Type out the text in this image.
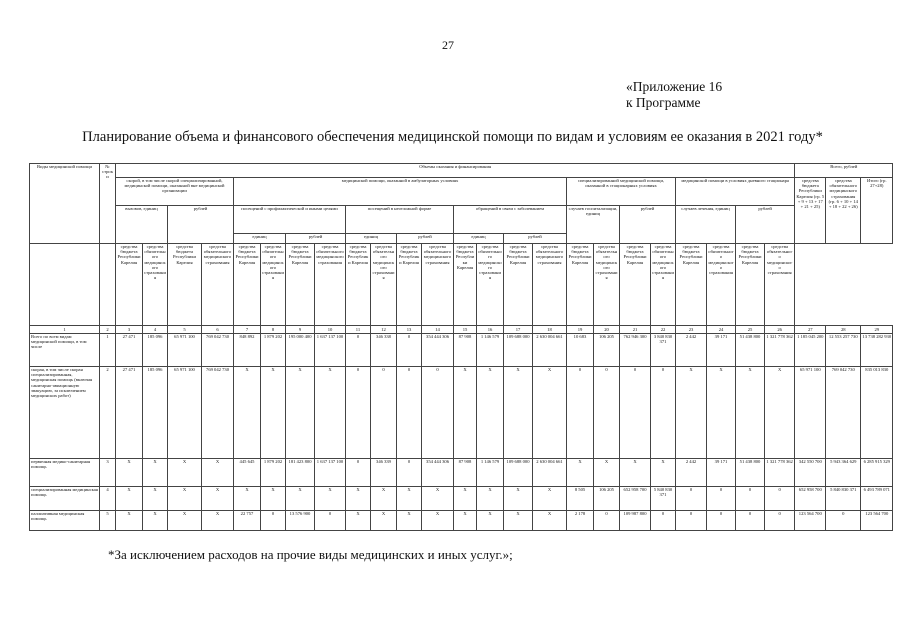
27
«Приложение 16
к Программе
Планирование объема и финансового обеспечения медицинской помощи по видам и условиям ее оказания в 2021 году*
Виды медицинской помощи	№ строки	Объемы оказания и финансирования																								Всего, рублей		
		скорой, в том числе скорой специализированной, медицинской помощи, оказанной вне медицинской организации				медицинской помощи, оказанной в амбулаторных условиях												специализированной медицинской помощи, оказанной в стационарных условиях				медицинской помощи в условиях дневного стационара				средства бюджета Республики Карелия (гр. 5 + 9 + 13 + 17 + 21 + 25)	средства обязательного медицинского страхования (гр. 6 + 10 + 14 + 18 + 22 + 26)	Итого (гр. 27+28)
		вызовов, единиц		рублей		посещений с профилактической и иными целями				посещений в неотложной форме				обращений в связи с заболеванием				случаев госпитализации, единиц		рублей		случаев лечения, единиц		рублей				
						единиц		рублей		единиц		рублей		единиц		рублей												
		средства бюджета Республики Карелия	средства обязательного медицинского страхования	средства бюджета Республики Карелия	средства обязательного медицинского страхования	средства бюджета Республики Карелия	средства обязательного медицинского страхования	средства бюджета Республики Карелия	средства обязательного медицинского страхования	средства бюджета Республики Карелия	средства обязательного медицинского страхования	средства бюджета Республики Карелия	средства обязательного медицинского страхования	средства бюджета Республики Карелия	средства обязательного медицинского страхования	средства бюджета Республики Карелия	средства обязательного медицинского страхования	средства бюджета Республики Карелия	средства обязательного медицинского страхования	средства бюджета Республики Карелия	средства обязательного медицинского страхования	средства бюджета Республики Карелия	средства обязательного медицинского страхования	средства бюджета Республики Карелия	средства обязательного медицинского страхования			
1	2	3	4	5	6	7	8	9	10	11	12	13	14	15	16	17	18	19	20	21	22	23	24	25	26	27	28	29
Всего по всем видам медицинской помощи, в том числе	1	27 471	185 096	65 971 100	769 042 730	848 892	1 879 202	195 000 400	1 637 137 100	0	346 338	0	354 444 306	87 908	1 146 579	109 688 000	2 630 004 661	10 683	106 205	762 946 300	3 840 830 371	2 442	39 171	51 438 800	1 321 778 362	1 185 045 200	12 553 257 730	13 738 282 930
скорая, в том числе скорая специализированная, медицинская помощь (включая санитарно-авиационную эвакуацию, за исключением медицинских работ)	2	27 471	185 096	65 971 100	769 042 730	X	X	X	X	0	0	0	0	X	X	X	X	0	0	0	0	X	X	X	X	65 971 100	769 042 730	835 013 830
первичная медико-санитарная помощь	3	X	X	X	X	445 645	1 879 202	181 423 800	1 637 137 100	0	346 339	0	354 444 306	87 908	1 146 579	109 688 000	2 630 004 661	X	X	X	X	2 442	39 171	51 438 800	1 321 778 362	342 550 700	5 943 364 629	6 285 915 329
специализированная медицинская помощь	4	X	X	X	X	X	X	X	X	X	X	X	X	X	X	X	X	8 505	106 205	652 958 700	5 840 830 371	0	0	0	0	652 958 700	5 840 830 371	6 493 789 071
паллиативная медицинская помощь	5	X	X	X	X	22 757	0	13 576 900	0	X	X	X	X	X	X	X	X	2 178	0	109 987 800	0	0	0	0	0	123 564 700	0	123 564 700
*За исключением расходов на прочие виды медицинских и иных услуг.»;
